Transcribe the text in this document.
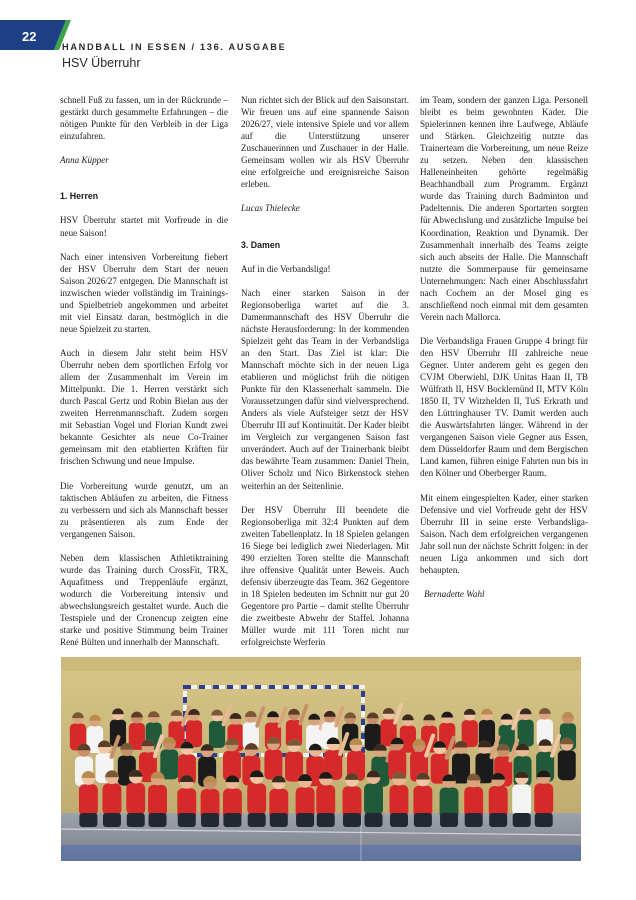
22
HANDBALL IN ESSEN / 136. AUSGABE
HSV Überruhr

schnell Fuß zu fassen, um in der Rückrunde – gestärkt durch gesammelte Erfahrungen – die nötigen Punkte für den Verbleib in der Liga einzufahren.

Anna Küpper

1. Herren

HSV Überruhr startet mit Vorfreude in die neue Saison!

Nach einer intensiven Vorbereitung fiebert der HSV Überruhr dem Start der neuen Saison 2026/27 entgegen. Die Mannschaft ist inzwischen wieder vollständig im Trainings- und Spielbetrieb angekommen und arbeitet mit viel Einsatz daran, bestmöglich in die neue Spielzeit zu starten.

Auch in diesem Jahr steht beim HSV Überruhr neben dem sportlichen Erfolg vor allem der Zusammenhalt im Verein im Mittelpunkt. Die 1. Herren verstärkt sich durch Pascal Gertz und Robin Bielan aus der zweiten Herrenmannschaft. Zudem sorgen mit Sebastian Vogel und Florian Kundt zwei bekannte Gesichter als neue Co-Trainer gemeinsam mit den etablierten Kräften für frischen Schwung und neue Impulse.

Die Vorbereitung wurde genutzt, um an taktischen Abläufen zu arbeiten, die Fitness zu verbessern und sich als Mannschaft besser zu präsentieren als zum Ende der vergangenen Saison.

Neben dem klassischen Athletiktraining wurde das Training durch CrossFit, TRX, Aquafitness und Treppenläufe ergänzt, wodurch die Vorbereitung intensiv und abwechslungsreich gestaltet wurde. Auch die Testspiele und der Cronencup zeigten eine starke und positive Stimmung beim Trainer René Bülten und innerhalb der Mannschaft.

Nun richtet sich der Blick auf den Saisonstart. Wir freuen uns auf eine spannende Saison 2026/27, viele intensive Spiele und vor allem auf die Unterstützung unserer Zuschauerinnen und Zuschauer in der Halle. Gemeinsam wollen wir als HSV Überruhr eine erfolgreiche und ereignisreiche Saison erleben.

Lucas Thielecke

3. Damen

Auf in die Verbandsliga!

Nach einer starken Saison in der Regionsoberliga wartet auf die 3. Damenmannschaft des HSV Überruhr die nächste Herausforderung: In der kommenden Spielzeit geht das Team in der Verbandsliga an den Start. Das Ziel ist klar: Die Mannschaft möchte sich in der neuen Liga etablieren und möglichst früh die nötigen Punkte für den Klassenerhalt sammeln. Die Voraussetzungen dafür sind vielversprechend. Anders als viele Aufsteiger setzt der HSV Überruhr III auf Kontinuität. Der Kader bleibt im Vergleich zur vergangenen Saison fast unverändert. Auch auf der Trainerbank bleibt das bewährte Team zusammen: Daniel Thein, Oliver Scholz und Nico Birkenstock stehen weiterhin an der Seitenlinie.

Der HSV Überruhr III beendete die Regionsoberliga mit 32:4 Punkten auf dem zweiten Tabellenplatz. In 18 Spielen gelangen 16 Siege bei lediglich zwei Niederlagen. Mit 490 erzielten Toren stellte die Mannschaft ihre offensive Qualität unter Beweis. Auch defensiv überzeugte das Team. 362 Gegentore in 18 Spielen bedeuten im Schnitt nur gut 20 Gegentore pro Partie – damit stellte Überruhr die zweitbeste Abwehr der Staffel. Johanna Müller wurde mit 111 Toren nicht nur erfolgreichste Werferin

im Team, sondern der ganzen Liga. Personell bleibt es beim gewohnten Kader. Die Spielerinnen kennen ihre Laufwege, Abläufe und Stärken. Gleichzeitig nutzte das Trainerteam die Vorbereitung, um neue Reize zu setzen. Neben den klassischen Halleneinheiten gehörte regelmäßig Beachhandball zum Programm. Ergänzt wurde das Training durch Badminton und Padeltennis. Die anderen Sportarten sorgten für Abwechslung und zusätzliche Impulse bei Koordination, Reaktion und Dynamik. Der Zusammenhalt innerhalb des Teams zeigte sich auch abseits der Halle. Die Mannschaft nutzte die Sommerpause für gemeinsame Unternehmungen: Nach einer Abschlussfahrt nach Cochem an der Mosel ging es anschließend noch einmal mit dem gesamten Verein nach Mallorca.

Die Verbandsliga Frauen Gruppe 4 bringt für den HSV Überruhr III zahlreiche neue Gegner. Unter anderem geht es gegen den CVJM Oberwiehl, DJK Unitas Haan II, TB Wülfrath II, HSV Bocklemünd II, MTV Köln 1850 II, TV Witzhelden II, TuS Erkrath und den Lüttringhauser TV. Damit werden auch die Auswärtsfahrten länger. Während in der vergangenen Saison viele Gegner aus Essen, dem Düsseldorfer Raum und dem Bergischen Land kamen, führen einige Fahrten nun bis in den Kölner und Oberberger Raum.

Mit einem eingespielten Kader, einer starken Defensive und viel Vorfreude geht der HSV Überruhr III in seine erste Verbandsliga-Saison. Nach dem erfolgreichen vergangenen Jahr soll nun der nächste Schritt folgen: in der neuen Liga ankommen und sich dort behaupten.

Bernadette Wahl
